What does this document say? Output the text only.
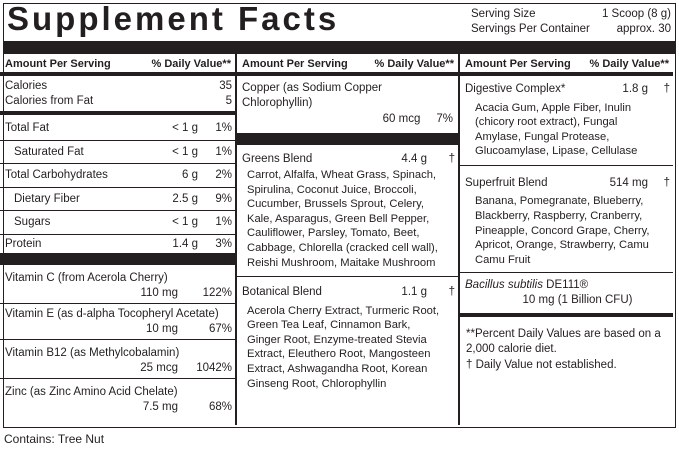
Supplement Facts	Serving Size	1 Scoop (8 g)
Servings Per Container approx. 30
Amount Per Serving	% Daily Value**
Calories	35
Calories from Fat	5
Total Fat	< 1 g	1%
Saturated Fat	< 1 g	1%
Total Carbohydrates	6 g	2%
Dietary Fiber	2.5 g	9%
Sugars	< 1 g	1%
Protein	1.4 g	3%
Vitamin C (from Acerola Cherry)
110 mg	122%
Vitamin E (as d-alpha Tocopheryl Acetate)
10 mg	67%
Vitamin B12 (as Methylcobalamin)
25 mcg	1042%
Zinc (as Zinc Amino Acid Chelate)
7.5 mg	68%
Amount Per Serving % Daily Value**
Copper (as Sodium Copper Chlorophyllin)
60 mcg 7%
Greens Blend	4.4 g	†
Carrot, Alfalfa, Wheat Grass, Spinach, Spirulina, Coconut Juice, Broccoli, Cucumber, Brussels Sprout, Celery, Kale, Asparagus, Green Bell Pepper, Cauliflower, Parsley, Tomato, Beet, Cabbage, Chlorella (cracked cell wall), Reishi Mushroom, Maitake Mushroom
Botanical Blend	1.1 g	†
Acerola Cherry Extract, Turmeric Root, Green Tea Leaf, Cinnamon Bark, Ginger Root, Enzyme-treated Stevia Extract, Eleuthero Root, Mangosteen Extract, Ashwagandha Root, Korean Ginseng Root, Chlorophyllin
Amount Per Serving % Daily Value**
Digestive Complex*	1.8 g	†
Acacia Gum, Apple Fiber, Inulin (chicory root extract), Fungal Amylase, Fungal Protease, Glucoamylase, Lipase, Cellulase
Superfruit Blend	514 mg	†
Banana, Pomegranate, Blueberry, Blackberry, Raspberry, Cranberry, Pineapple, Concord Grape, Cherry, Apricot, Orange, Strawberry, Camu Camu Fruit
Bacillus subtilis DE111®
10 mg (1 Billion CFU)
**Percent Daily Values are based on a 2,000 calorie diet.
† Daily Value not established.
Contains: Tree Nut
